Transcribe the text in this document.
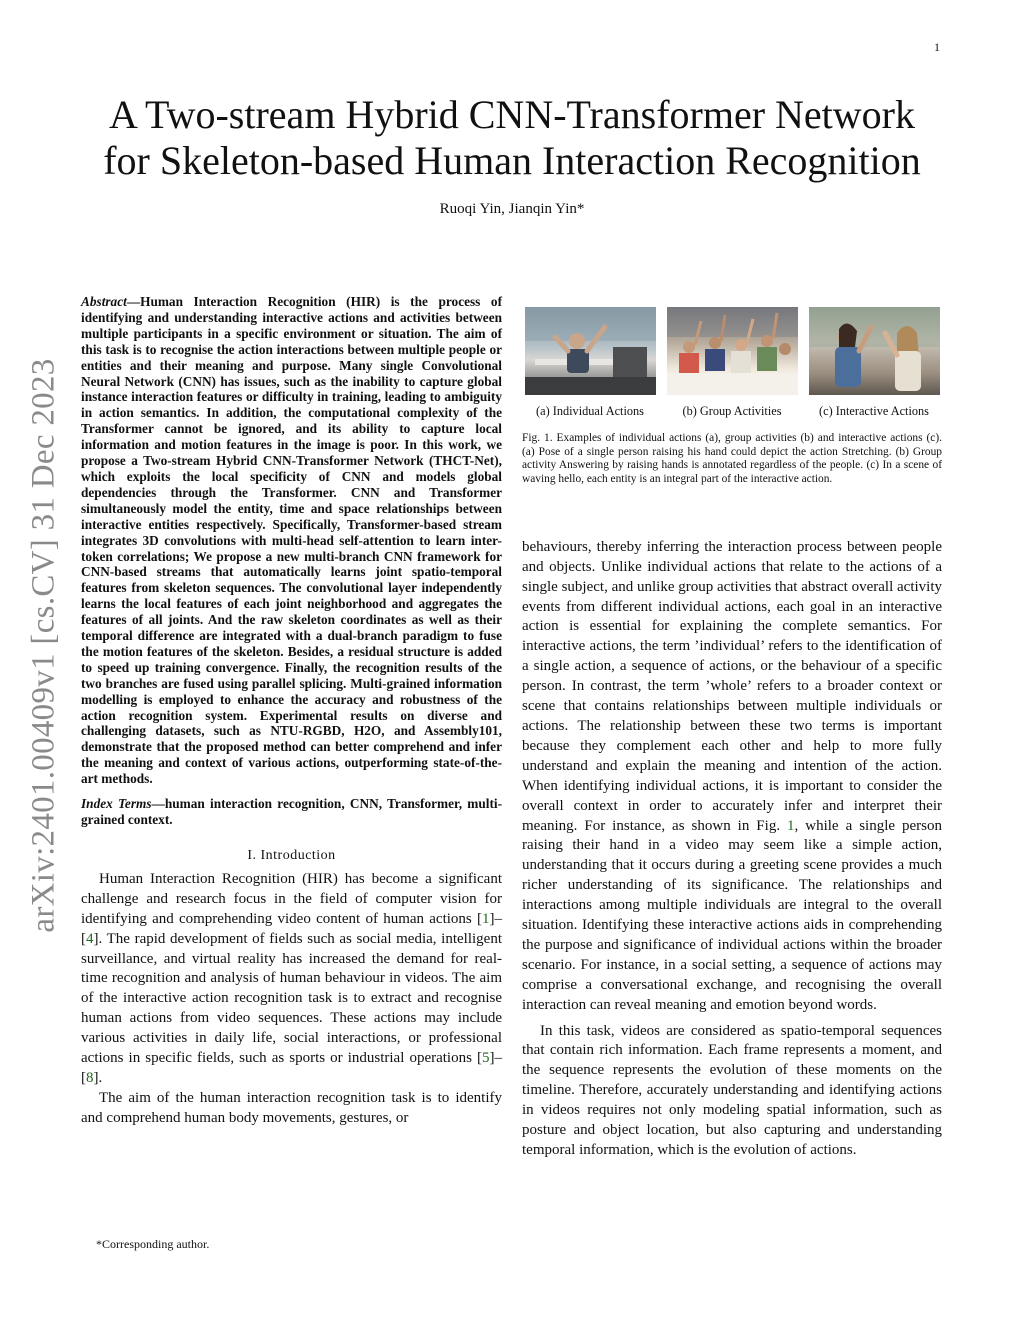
1
arXiv:2401.00409v1 [cs.CV] 31 Dec 2023
A Two-stream Hybrid CNN-Transformer Network
for Skeleton-based Human Interaction Recognition
Ruoqi Yin, Jianqin Yin*

Abstract—Human Interaction Recognition (HIR) is the process of identifying and understanding interactive actions and activities between multiple participants in a specific environment or situation. The aim of this task is to recognise the action interactions between multiple people or entities and their meaning and purpose. Many single Convolutional Neural Network (CNN) has issues, such as the inability to capture global instance interaction features or difficulty in training, leading to ambiguity in action semantics. In addition, the computational complexity of the Transformer cannot be ignored, and its ability to capture local information and motion features in the image is poor. In this work, we propose a Two-stream Hybrid CNN-Transformer Network (THCT-Net), which exploits the local specificity of CNN and models global dependencies through the Transformer. CNN and Transformer simultaneously model the entity, time and space relationships between interactive entities respectively. Specifically, Transformer-based stream integrates 3D convolutions with multi-head self-attention to learn inter-token correlations; We propose a new multi-branch CNN framework for CNN-based streams that automatically learns joint spatio-temporal features from skeleton sequences. The convolutional layer independently learns the local features of each joint neighborhood and aggregates the features of all joints. And the raw skeleton coordinates as well as their temporal difference are integrated with a dual-branch paradigm to fuse the motion features of the skeleton. Besides, a residual structure is added to speed up training convergence. Finally, the recognition results of the two branches are fused using parallel splicing. Multi-grained information modelling is employed to enhance the accuracy and robustness of the action recognition system. Experimental results on diverse and challenging datasets, such as NTU-RGBD, H2O, and Assembly101, demonstrate that the proposed method can better comprehend and infer the meaning and context of various actions, outperforming state-of-the-art methods.

Index Terms—human interaction recognition, CNN, Transformer, multi-grained context.
I. Introduction

Human Interaction Recognition (HIR) has become a significant challenge and research focus in the field of computer vision for identifying and comprehending video content of human actions [1]–[4]. The rapid development of fields such as social media, intelligent surveillance, and virtual reality has increased the demand for real-time recognition and analysis of human behaviour in videos. The aim of the interactive action recognition task is to extract and recognise human actions from video sequences. These actions may include various activities in daily life, social interactions, or professional actions in specific fields, such as sports or industrial operations [5]–[8].

The aim of the human interaction recognition task is to identify and comprehend human body movements, gestures, or

*Corresponding author.
(a) Individual Actions	(b) Group Activities	(c) Interactive Actions
Fig. 1. Examples of individual actions (a), group activities (b) and interactive actions (c). (a) Pose of a single person raising his hand could depict the action Stretching. (b) Group activity Answering by raising hands is annotated regardless of the people. (c) In a scene of waving hello, each entity is an integral part of the interactive action.

behaviours, thereby inferring the interaction process between people and objects. Unlike individual actions that relate to the actions of a single subject, and unlike group activities that abstract overall activity events from different individual actions, each goal in an interactive action is essential for explaining the complete semantics. For interactive actions, the term ’individual’ refers to the identification of a single action, a sequence of actions, or the behaviour of a specific person. In contrast, the term ’whole’ refers to a broader context or scene that contains relationships between multiple individuals or actions. The relationship between these two terms is important because they complement each other and help to more fully understand and explain the meaning and intention of the action. When identifying individual actions, it is important to consider the overall context in order to accurately infer and interpret their meaning. For instance, as shown in Fig. 1, while a single person raising their hand in a video may seem like a simple action, understanding that it occurs during a greeting scene provides a much richer understanding of its significance. The relationships and interactions among multiple individuals are integral to the overall situation. Identifying these interactive actions aids in comprehending the purpose and significance of individual actions within the broader scenario. For instance, in a social setting, a sequence of actions may comprise a conversational exchange, and recognising the overall interaction can reveal meaning and emotion beyond words.

In this task, videos are considered as spatio-temporal sequences that contain rich information. Each frame represents a moment, and the sequence represents the evolution of these moments on the timeline. Therefore, accurately understanding and identifying actions in videos requires not only modeling spatial information, such as posture and object location, but also capturing and understanding temporal information, which is the evolution of actions.
